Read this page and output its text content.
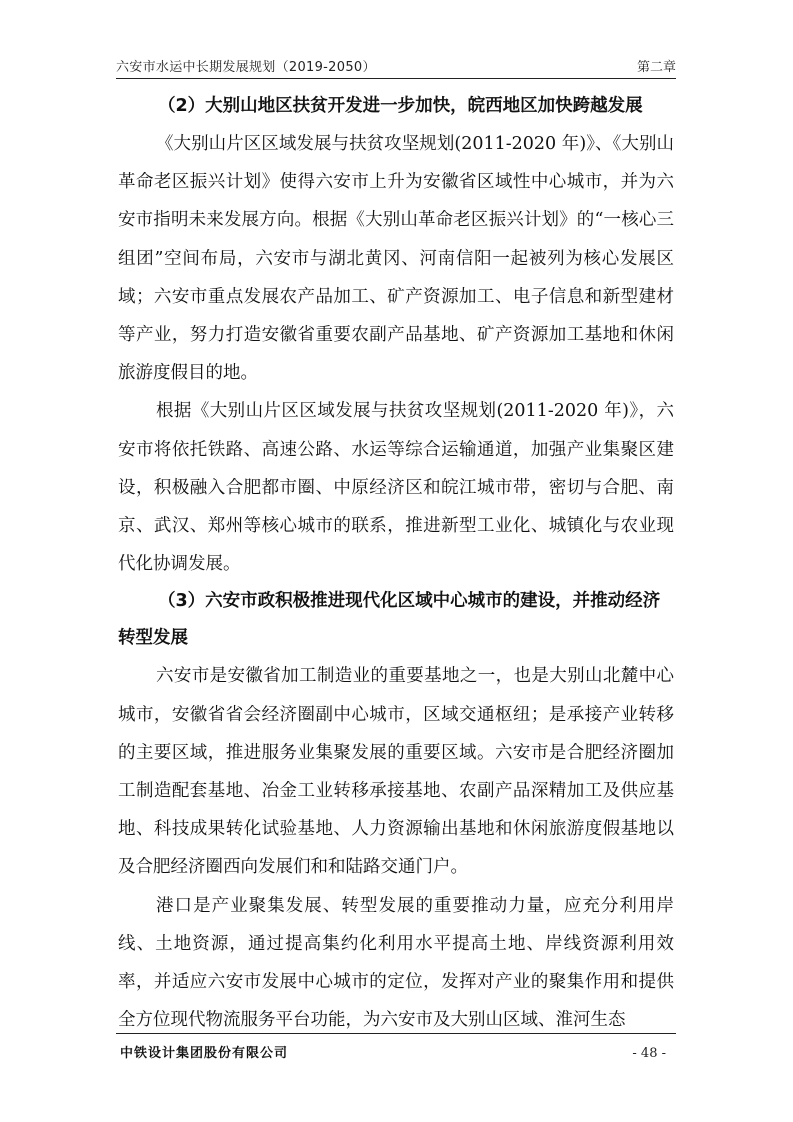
六安市水运中长期发展规划（2019-2050）	第二章

（2）大别山地区扶贫开发进一步加快，皖西地区加快跨越发展

《大别山片区区域发展与扶贫攻坚规划(2011-2020 年)》、《大别山革命老区振兴计划》使得六安市上升为安徽省区域性中心城市，并为六安市指明未来发展方向。根据《大别山革命老区振兴计划》的“一核心三组团”空间布局，六安市与湖北黄冈、河南信阳一起被列为核心发展区域；六安市重点发展农产品加工、矿产资源加工、电子信息和新型建材等产业，努力打造安徽省重要农副产品基地、矿产资源加工基地和休闲旅游度假目的地。

根据《大别山片区区域发展与扶贫攻坚规划(2011-2020 年)》，六安市将依托铁路、高速公路、水运等综合运输通道，加强产业集聚区建设，积极融入合肥都市圈、中原经济区和皖江城市带，密切与合肥、南京、武汉、郑州等核心城市的联系，推进新型工业化、城镇化与农业现代化协调发展。

（3）六安市政积极推进现代化区域中心城市的建设，并推动经济转型发展

六安市是安徽省加工制造业的重要基地之一，也是大别山北麓中心城市，安徽省省会经济圈副中心城市，区域交通枢纽；是承接产业转移的主要区域，推进服务业集聚发展的重要区域。六安市是合肥经济圈加工制造配套基地、冶金工业转移承接基地、农副产品深精加工及供应基地、科技成果转化试验基地、人力资源输出基地和休闲旅游度假基地以及合肥经济圈西向发展们和和陆路交通门户。

港口是产业聚集发展、转型发展的重要推动力量，应充分利用岸线、土地资源，通过提高集约化利用水平提高土地、岸线资源利用效率，并适应六安市发展中心城市的定位，发挥对产业的聚集作用和提供全方位现代物流服务平台功能，为六安市及大别山区域、淮河生态

中铁设计集团股份有限公司	- 48 -
